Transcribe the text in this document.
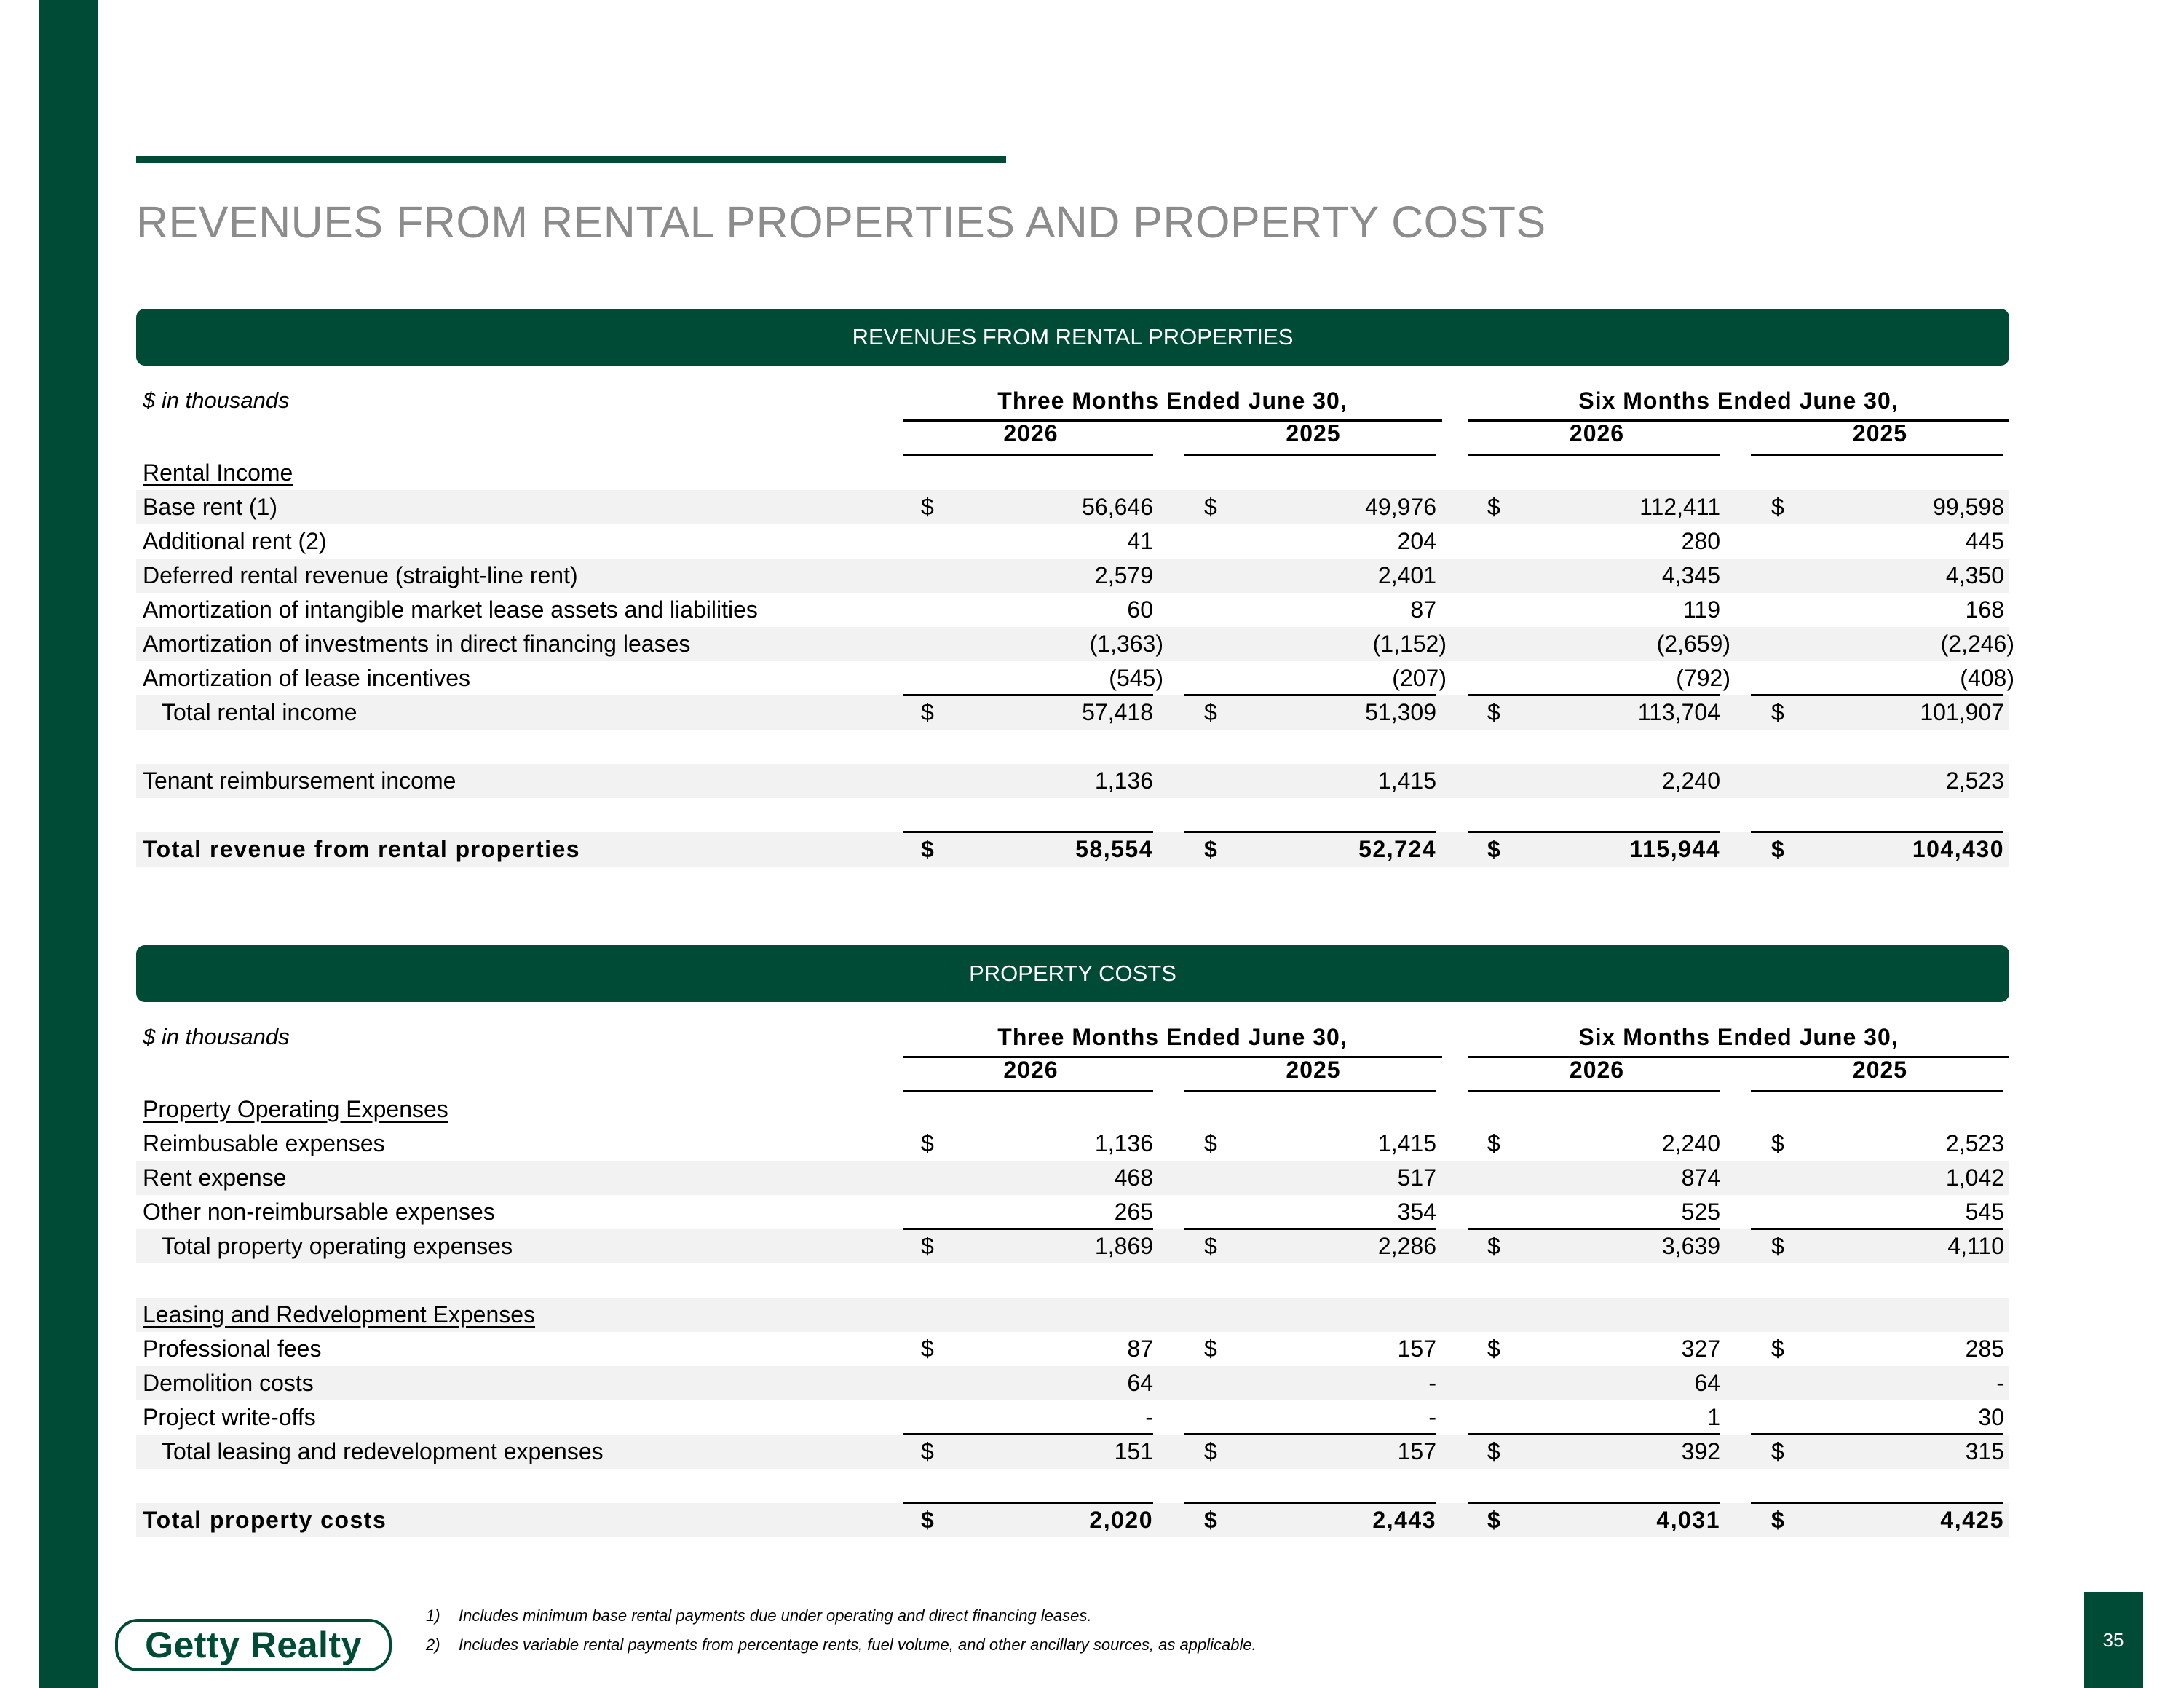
REVENUES FROM RENTAL PROPERTIES AND PROPERTY COSTS
REVENUES FROM RENTAL PROPERTIES
$ in thousands	Three Months Ended June 30,	Six Months Ended June 30,
2026	2025	2026	2025
Rental Income
Base rent (1)	$	56,646 $	49,976 $	112,411 $	99,598
Additional rent (2)	41	204	280	445
Deferred rental revenue (straight-line rent)	2,579	2,401	4,345	4,350
Amortization of intangible market lease assets and liabilities	60	87	119	168
Amortization of investments in direct financing leases	(1,363)	(1,152)	(2,659)	(2,246)
Amortization of lease incentives	(545)	(207)	(792)	(408)
Total rental income	$	57,418 $	51,309 $	113,704 $	101,907
Tenant reimbursement income	1,136	1,415	2,240	2,523
Total revenue from rental properties	$	58,554 $	52,724 $	115,944 $	104,430
PROPERTY COSTS
$ in thousands	Three Months Ended June 30,	Six Months Ended June 30,
2026	2025	2026	2025
Property Operating Expenses
Reimbusable expenses	$	1,136 $	1,415 $	2,240 $	2,523
Rent expense	468	517	874	1,042
Other non-reimbursable expenses	265	354	525	545
Total property operating expenses	$	1,869 $	2,286 $	3,639 $	4,110
Leasing and Redvelopment Expenses
Professional fees	$	87 $	157 $	327 $	285
Demolition costs	64	-	64	-
Project write-offs	-	-	1	30
Total leasing and redevelopment expenses	$	151 $	157 $	392 $	315
Total property costs	$	2,020 $	2,443 $	4,031 $	4,425
Getty Realty
1) Includes minimum base rental payments due under operating and direct financing leases.
2) Includes variable rental payments from percentage rents, fuel volume, and other ancillary sources, as applicable.	35
